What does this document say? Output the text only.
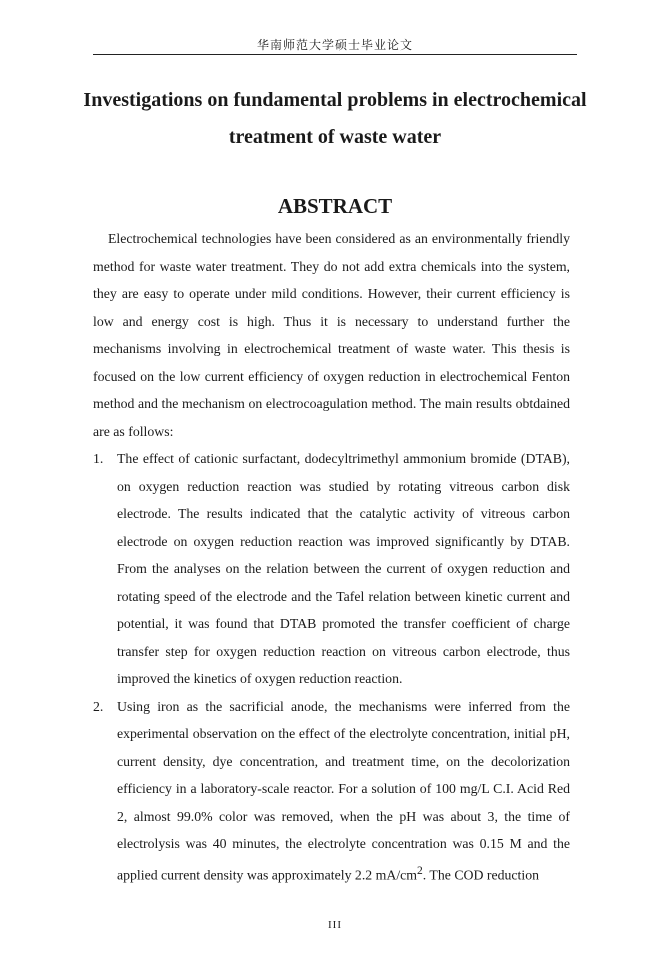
华南师范大学硕士毕业论文
Investigations on fundamental problems in electrochemical treatment of waste water
ABSTRACT

Electrochemical technologies have been considered as an environmentally friendly method for waste water treatment. They do not add extra chemicals into the system, they are easy to operate under mild conditions. However, their current efficiency is low and energy cost is high. Thus it is necessary to understand further the mechanisms involving in electrochemical treatment of waste water. This thesis is focused on the low current efficiency of oxygen reduction in electrochemical Fenton method and the mechanism on electrocoagulation method. The main results obtdained are as follows:

1. The effect of cationic surfactant, dodecyltrimethyl ammonium bromide (DTAB), on oxygen reduction reaction was studied by rotating vitreous carbon disk electrode. The results indicated that the catalytic activity of vitreous carbon electrode on oxygen reduction reaction was improved significantly by DTAB. From the analyses on the relation between the current of oxygen reduction and rotating speed of the electrode and the Tafel relation between kinetic current and potential, it was found that DTAB promoted the transfer coefficient of charge transfer step for oxygen reduction reaction on vitreous carbon electrode, thus improved the kinetics of oxygen reduction reaction.
2. Using iron as the sacrificial anode, the mechanisms were inferred from the experimental observation on the effect of the electrolyte concentration, initial pH, current density, dye concentration, and treatment time, on the decolorization efficiency in a laboratory-scale reactor. For a solution of 100 mg/L C.I. Acid Red 2, almost 99.0% color was removed, when the pH was about 3, the time of electrolysis was 40 minutes, the electrolyte concentration was 0.15 M and the applied current density was approximately 2.2 $mA/cm^2$. The COD reduction
III
